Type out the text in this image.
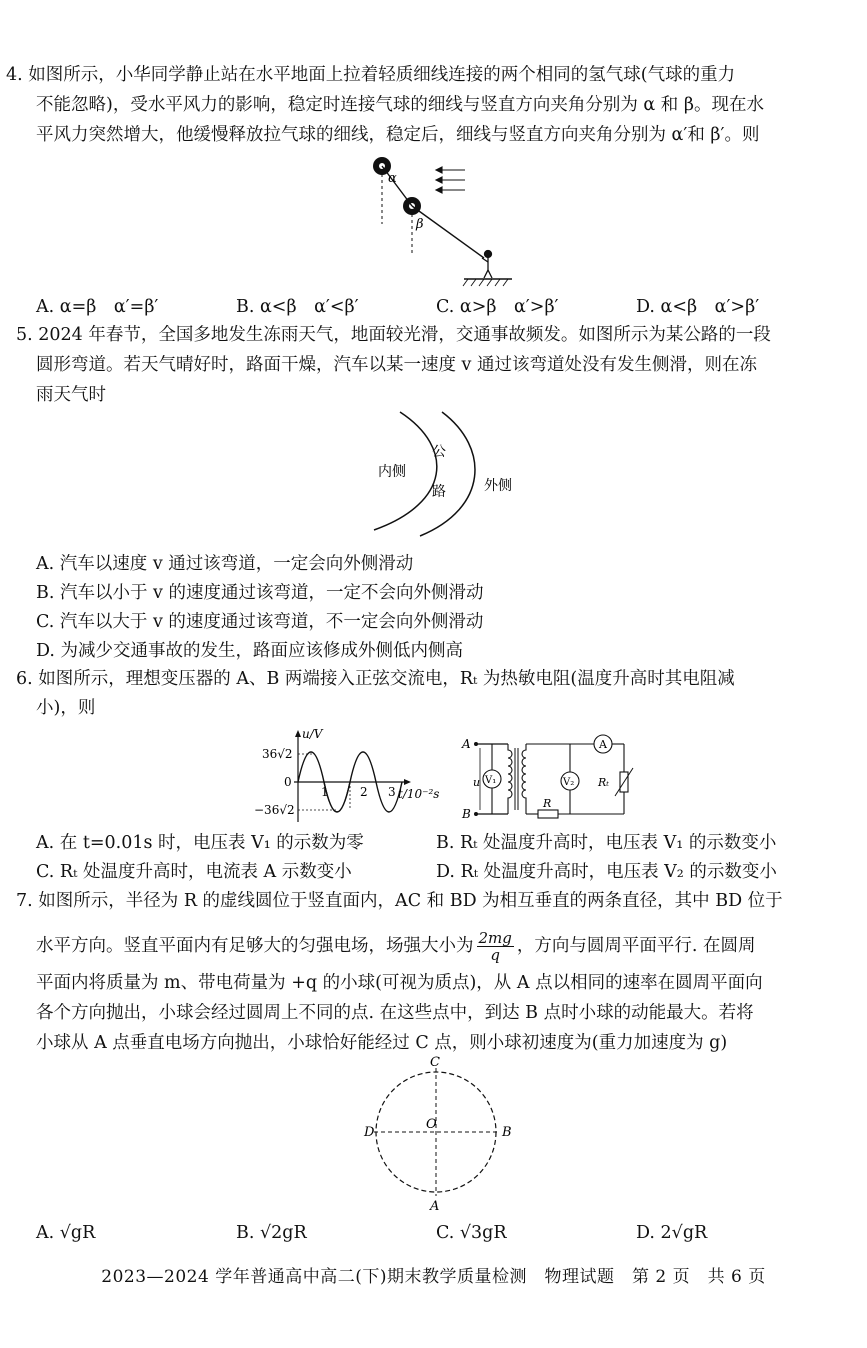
4. 如图所示，小华同学静止站在水平地面上拉着轻质细线连接的两个相同的氢气球(气球的重力
不能忽略)，受水平风力的影响，稳定时连接气球的细线与竖直方向夹角分别为 α 和 β。现在水
平风力突然增大，他缓慢释放拉气球的细线，稳定后，细线与竖直方向夹角分别为 α′和 β′。则
α
β
A. α=β　α′=β′	B. α<β　α′<β′	C. α>β　α′>β′	D. α<β　α′>β′
5. 2024 年春节，全国多地发生冻雨天气，地面较光滑，交通事故频发。如图所示为某公路的一段
圆形弯道。若天气晴好时，路面干燥，汽车以某一速度 v 通过该弯道处没有发生侧滑，则在冻
雨天气时
内侧
公
路	外侧
A. 汽车以速度 v 通过该弯道，一定会向外侧滑动
B. 汽车以小于 v 的速度通过该弯道，一定不会向外侧滑动
C. 汽车以大于 v 的速度通过该弯道，不一定会向外侧滑动
D. 为减少交通事故的发生，路面应该修成外侧低内侧高
6. 如图所示，理想变压器的 A、B 两端接入正弦交流电，Rₜ 为热敏电阻(温度升高时其电阻减
小)，则
u/V
36√2
0
−36√2
1	2 3 t/10⁻²s
A
B
u V₁
A
R
V₂ Rₜ
A. 在 t=0.01s 时，电压表 V₁ 的示数为零	B. Rₜ 处温度升高时，电压表 V₁ 的示数变小
C. Rₜ 处温度升高时，电流表 A 示数变小	D. Rₜ 处温度升高时，电压表 V₂ 的示数变小
7. 如图所示，半径为 R 的虚线圆位于竖直面内，AC 和 BD 为相互垂直的两条直径，其中 BD 位于
水平方向。竖直平面内有足够大的匀强电场，场强大小为 $\frac{2mg}{q}$ ，方向与圆周平面平行. 在圆周
平面内将质量为 m、带电荷量为 +q 的小球(可视为质点)，从 A 点以相同的速率在圆周平面向
各个方向抛出，小球会经过圆周上不同的点. 在这些点中，到达 B 点时小球的动能最大。若将
小球从 A 点垂直电场方向抛出，小球恰好能经过 C 点，则小球初速度为(重力加速度为 g)
C
D
O
B
A
A. √gR	B. √2gR	C. √3gR	D. 2√gR
2023—2024 学年普通高中高二(下)期末教学质量检测　物理试题　第 2 页　共 6 页
